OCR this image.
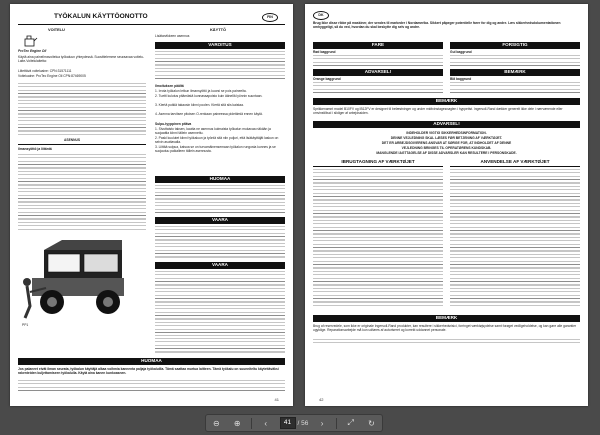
TYÖKALUN KÄYTTÖONOTTO	FIN
VOITELU
ProTec Engine Oil
Käytä aina paineilmavoitelua työkaluun yhteydessä. Suosittelemme seuraavaa voitelu-Laite-Voitelulaitetta:
Liitettävä voiteluaine: CPN:31571111
Voiteluaine: ProTec Engine Oil CPN:87469005
ASENNUS
Ilmansyöttö ja liitäntä
KÄYTTÖ
Lisätarvikkeen asennus
VAROITUS
Ilmoituksen päältä
1. Irrota työkalun letkun ilmansyöttö ja kuorsi se pois paineelta.
2. Tuetti kulutus pitämästä kunnassapoisto kuin äänellä lyönnin suuntaan.
3. Kiertä putkiä takaosin kiinni poolen. Kiertä sitä siis kaistaa.
4. Asenna tarvitsee pitoisen O-renkaan paineessa pidetämiä ennen käytä.
Sulpu-tyyppinen pitäva
1. Sivuttaisto taksen, kautta ne asennus kulmaista työkalun mukavaa näkään ja suojaattia kiinni tällein asennettu.
2. Paski kuulutet kiinni työkaluun ja työntä sitä niin puljuri, että lisäkäyttäjät laskun on selvin asuttavalla.
3. Liittää sulpua, katsoa se on turvamäinensemaan työkalun rungosta kunnes ja se suojautuu paikalleen tällein asennusta.
HUOMAA
VAARA
VAARA
PP1
HUOMAA
Jos palaneet eivät ilman seurata, työkalun käyttäjä alkaa voihmia kannenta paljaja työkaluilla. Tämä saattaa murtua laitteen. Tämä työkalu on suunniteltu käytettäväksi rakenteiden kuljettamiseen työkalulla. Käytä aina kanen kunkoasnen.
41
DK
Brug ikke disse ribbe på maskiner, der sendes til markeder i Nordamerika. Sikkert påpeger potentielle farer for dig og andre. Læs sikkerhedsdokumentationen omhyggeligt, så du ved, hvordan du skal beskytte dig selv og andre.
FARE	FORSIGTIG
Rød baggrund	Gul baggrund
ADVARSEL!	BEMÆRK
Orange baggrund	Blå baggrund
BEMÆRK
Sprikkenamnt model B10FV og IB12FV er designet til befæstninger og under midtvinstagesnøglen i hyppetist. Ingersoll-Rand dækker generelt ikke dele i nærværende eller omvinstilbud i slidiger af arbejdssiden.
ADVARSEL!
INDEHOLDER VIGTIG SIKKERHEDSINFORMATION.
DENNE VEJLEDNING SKAL LÆSES FØR BETJENING AF VÆRKTØJET.
DET ER ARBEJDSGIVERENS ANSVAR AT SØRGE FOR, AT INDHOLDET AF DENNE
VEJLEDNING BRINGES TIL OPERATØRENS KUNDSKAB.
MANGLENDE IAGTTAGELSE AF DISSE ADVARSLER KAN RESULTERE I PERSONSKADE.
IBRUGTAGNING AF VÆRKTØJET	ANVENDELSE AF VÆRKTØJET
BEMÆRK
Brug af reservedele, som ikke er originale Ingersoll-Rand produkter, kan resultere i sikkerhedsrisici, forringet værktøjsydelse samt forøget vedligeholdelse, og kan gøre alle garantier ugyldige. Reparationsarbejde må kun udføres af autoriseret og korrekt uddannet personale.
42
⊖	⊕	‹	41 / 56	›	⤢	↻
